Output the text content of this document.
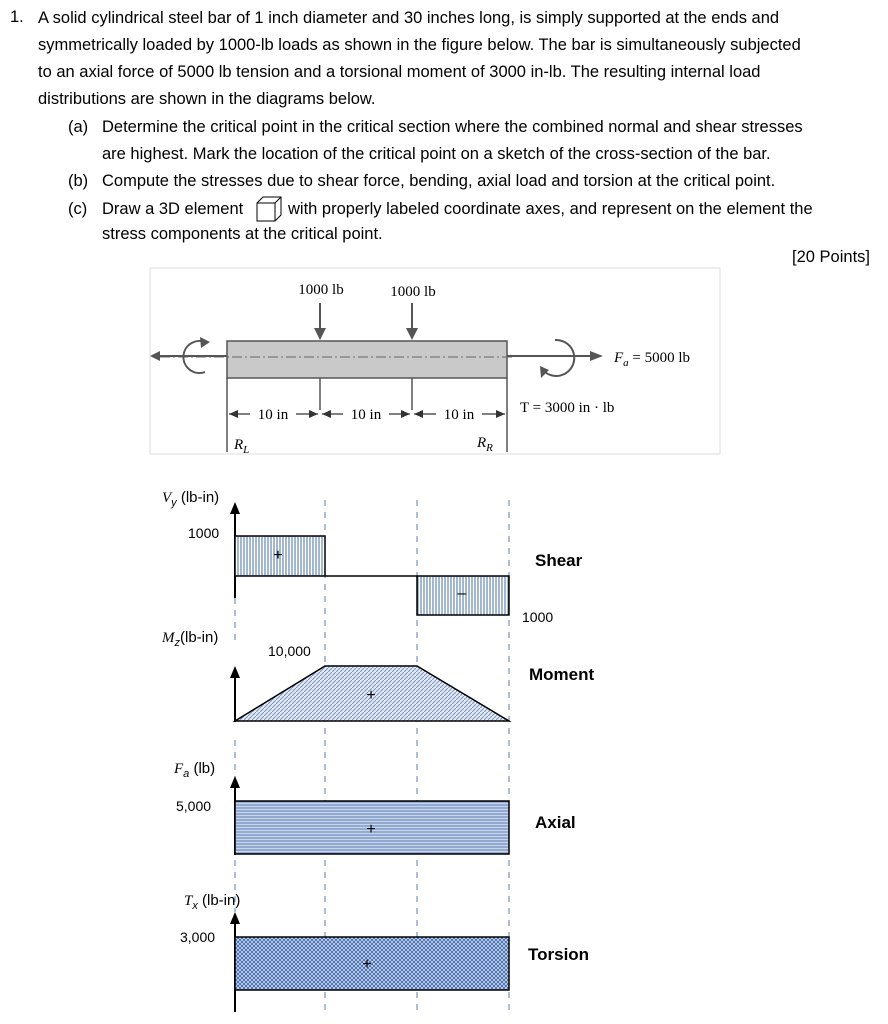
1. A solid cylindrical steel bar of 1 inch diameter and 30 inches long, is simply supported at the ends and
symmetrically loaded by 1000-lb loads as shown in the figure below. The bar is simultaneously subjected
to an axial force of 5000 lb tension and a torsional moment of 3000 in-lb. The resulting internal load
distributions are shown in the diagrams below.
(a) Determine the critical point in the critical section where the combined normal and shear stresses
are highest. Mark the location of the critical point on a sketch of the cross-section of the bar.
(b) Compute the stresses due to shear force, bending, axial load and torsion at the critical point.
(c) Draw a 3D element	with properly labeled coordinate axes, and represent on the element the
stress components at the critical point.
[20 Points]
1000 lb	1000 lb
$F_a = 5000$ lb
T = 3000 in · lb
10 in	10 in	10 in
$R_L$	$R_R$
$V_y$ (lb-in)
1000
+
–
Shear
1000
$M_z(lb-in)$
10,000
+
Moment
$F_a$ (lb)
5,000
+	Axial
$T_x$ (lb-in)
3,000
+
Torsion
